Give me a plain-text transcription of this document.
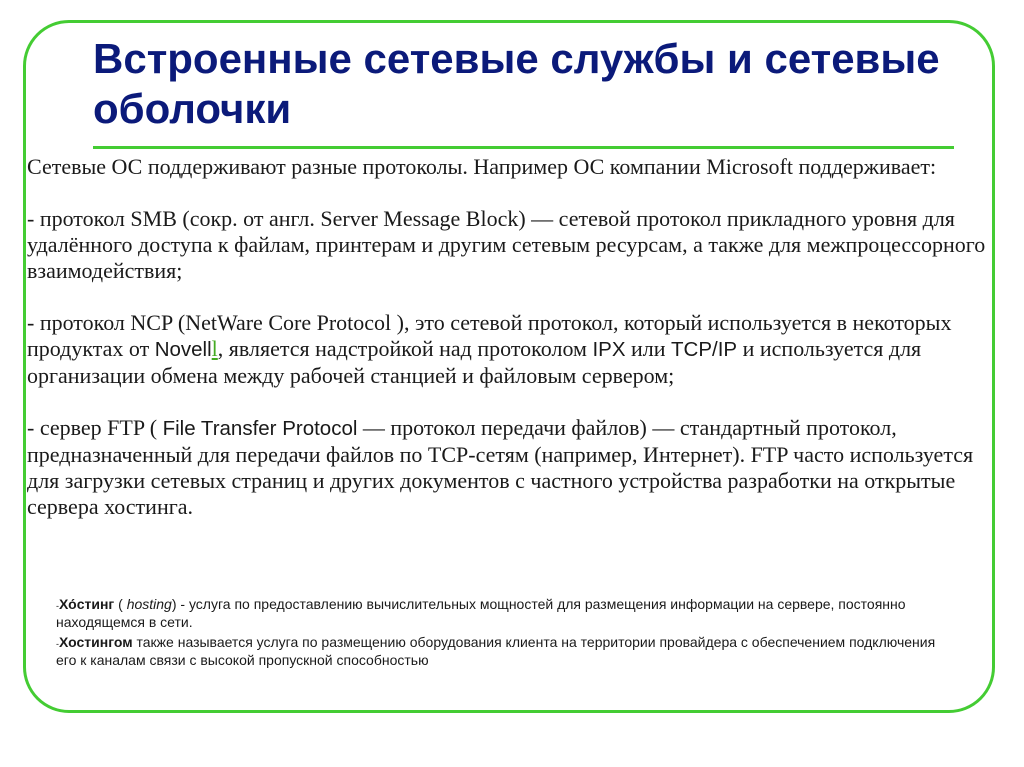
Встроенные сетевые службы и сетевые оболочки

Сетевые ОС поддерживают разные протоколы. Например ОС компании Microsoft поддерживает:

- протокол SMB (сокр. от англ. Server Message Block) — сетевой протокол прикладного уровня для удалённого доступа к файлам, принтерам и другим сетевым ресурсам, а также для межпроцессорного взаимодействия;

- протокол NCP (NetWare Core Protocol ), это сетевой протокол, который используется в некоторых продуктах от Novelll, является надстройкой над протоколом IPX или TCP/IP и используется для организации обмена между рабочей станцией и файловым сервером;

- сервер FTP ( File Transfer Protocol — протокол передачи файлов) — стандартный протокол, предназначенный для передачи файлов по TCP-сетям (например, Интернет). FTP часто используется для загрузки сетевых страниц и других документов с частного устройства разработки на открытые сервера хостинга.

-Хо́стинг ( hosting) - услуга по предоставлению вычислительных мощностей для размещения информации на сервере, постоянно находящемся в сети.

-Хостингом также называется услуга по размещению оборудования клиента на территории провайдера с обеспечением подключения его к каналам связи с высокой пропускной способностью
